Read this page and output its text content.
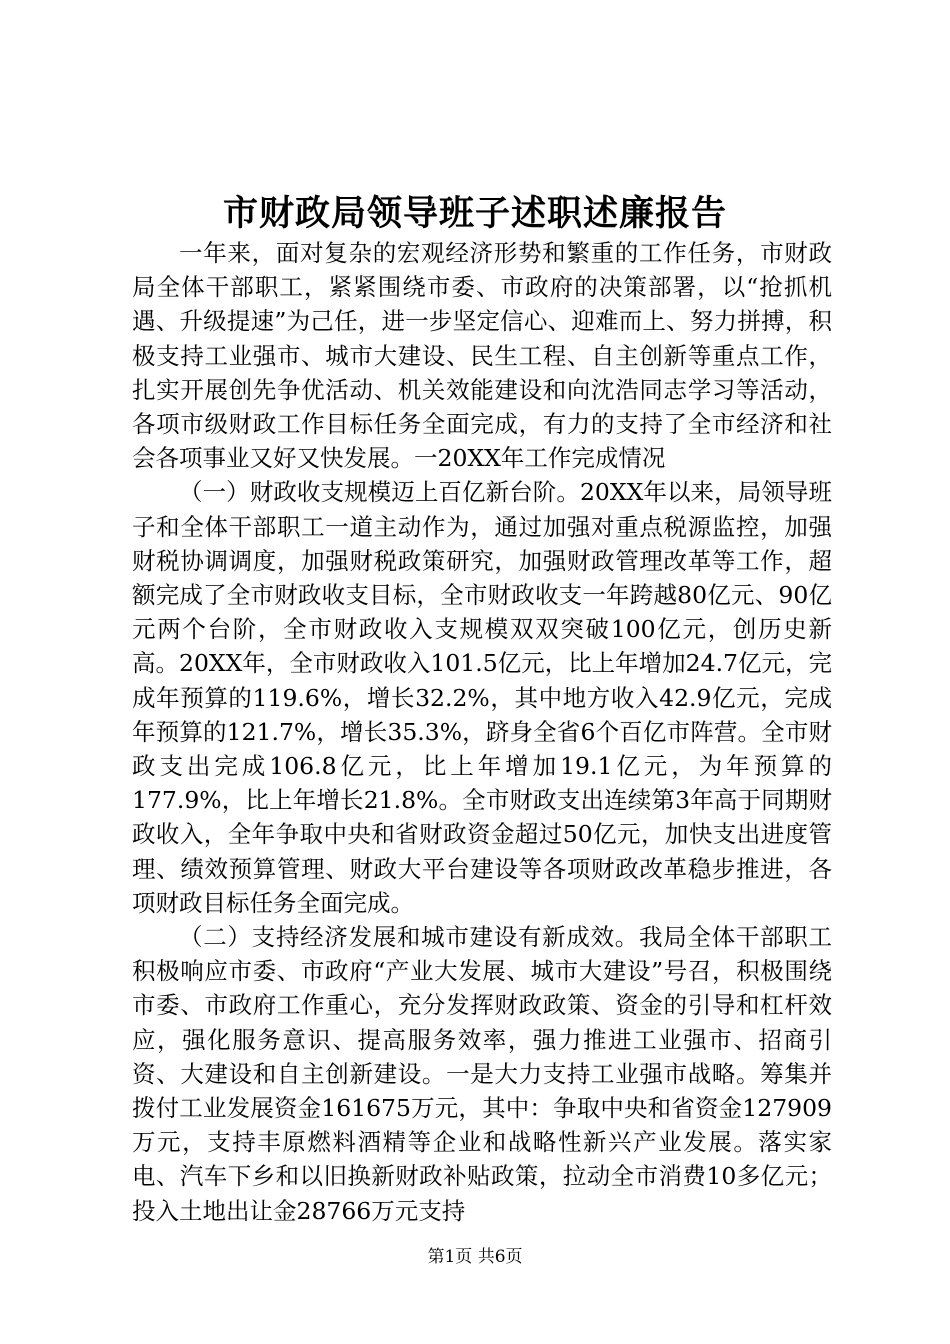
市财政局领导班子述职述廉报告

一年来，面对复杂的宏观经济形势和繁重的工作任务，市财政局全体干部职工，紧紧围绕市委、市政府的决策部署，以“抢抓机遇、升级提速”为己任，进一步坚定信心、迎难而上、努力拼搏，积极支持工业强市、城市大建设、民生工程、自主创新等重点工作，扎实开展创先争优活动、机关效能建设和向沈浩同志学习等活动，各项市级财政工作目标任务全面完成，有力的支持了全市经济和社会各项事业又好又快发展。一20XX年工作完成情况

（一）财政收支规模迈上百亿新台阶。20XX年以来，局领导班子和全体干部职工一道主动作为，通过加强对重点税源监控，加强财税协调调度，加强财税政策研究，加强财政管理改革等工作，超额完成了全市财政收支目标，全市财政收支一年跨越80亿元、90亿元两个台阶，全市财政收入支规模双双突破100亿元，创历史新高。20XX年，全市财政收入101.5亿元，比上年增加24.7亿元，完成年预算的119.6%，增长32.2%，其中地方收入42.9亿元，完成年预算的121.7%，增长35.3%，跻身全省6个百亿市阵营。全市财政支出完成106.8亿元，比上年增加19.1亿元，为年预算的177.9%，比上年增长21.8%。全市财政支出连续第3年高于同期财政收入，全年争取中央和省财政资金超过50亿元，加快支出进度管理、绩效预算管理、财政大平台建设等各项财政改革稳步推进，各项财政目标任务全面完成。

（二）支持经济发展和城市建设有新成效。我局全体干部职工积极响应市委、市政府“产业大发展、城市大建设”号召，积极围绕市委、市政府工作重心，充分发挥财政政策、资金的引导和杠杆效应，强化服务意识、提高服务效率，强力推进工业强市、招商引资、大建设和自主创新建设。一是大力支持工业强市战略。筹集并拨付工业发展资金161675万元，其中：争取中央和省资金127909万元，支持丰原燃料酒精等企业和战略性新兴产业发展。落实家电、汽车下乡和以旧换新财政补贴政策，拉动全市消费10多亿元；投入土地出让金28766万元支持

第1页 共6页
